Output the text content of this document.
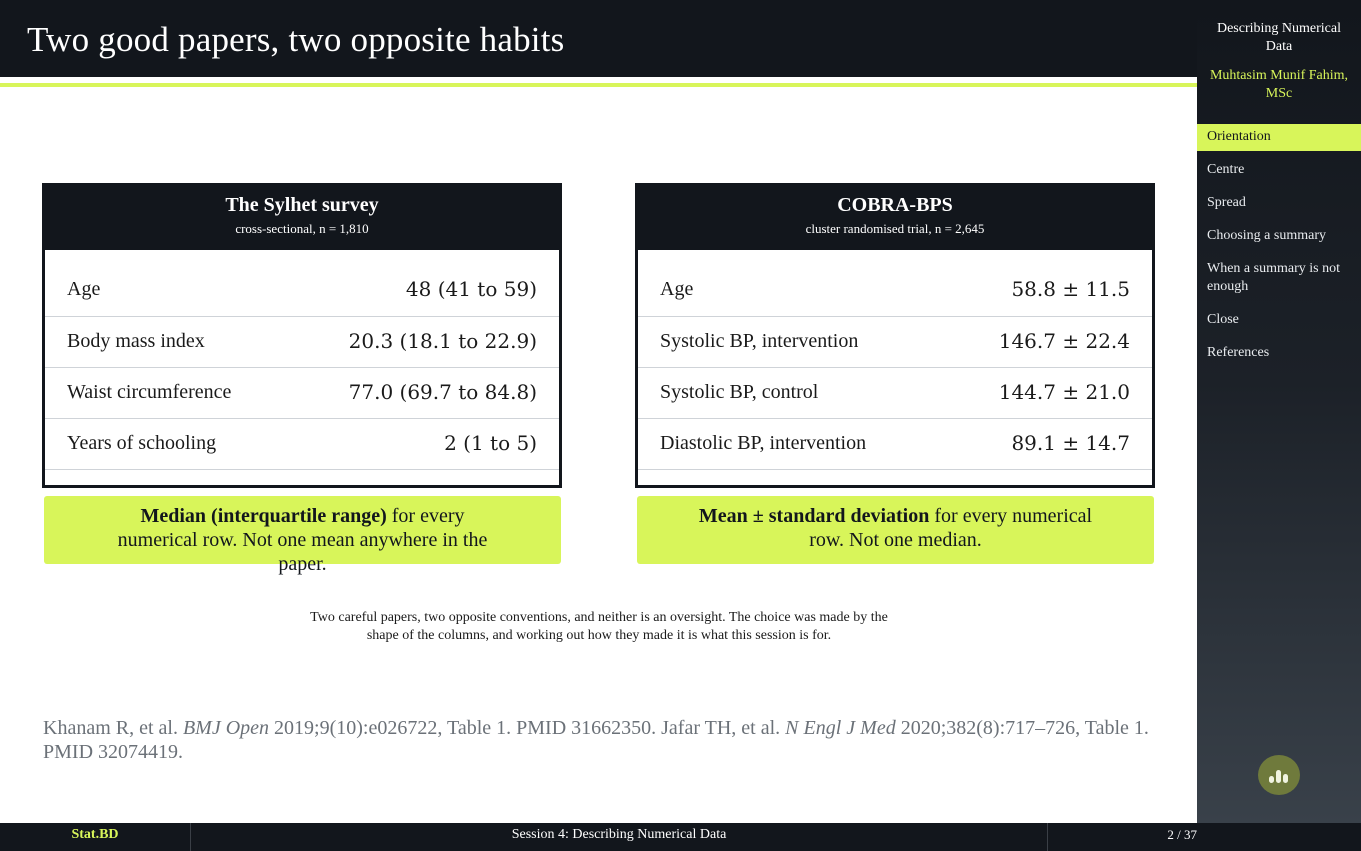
Two good papers, two opposite habits
The Sylhet survey
cross-sectional, n = 1,810
Age	48 (41 to 59)
Body mass index	20.3 (18.1 to 22.9)
Waist circumference	77.0 (69.7 to 84.8)
Years of schooling	2 (1 to 5)
Median (interquartile range) for every numerical row. Not one mean anywhere in the paper.
COBRA-BPS
cluster randomised trial, n = 2,645
Age	58.8 ± 11.5
Systolic BP, intervention	146.7 ± 22.4
Systolic BP, control	144.7 ± 21.0
Diastolic BP, intervention	89.1 ± 14.7
Mean ± standard deviation for every numerical row. Not one median.
Two careful papers, two opposite conventions, and neither is an oversight. The choice was made by the shape of the columns, and working out how they made it is what this session is for.
Khanam R, et al. BMJ Open 2019;9(10):e026722, Table 1. PMID 31662350. Jafar TH, et al. N Engl J Med 2020;382(8):717–726, Table 1. PMID 32074419.
Describing Numerical Data
Muhtasim Munif Fahim, MSc
Orientation
Centre
Spread
Choosing a summary
When a summary is not enough
Close
References
Stat.BD	Session 4: Describing Numerical Data	2 / 37
